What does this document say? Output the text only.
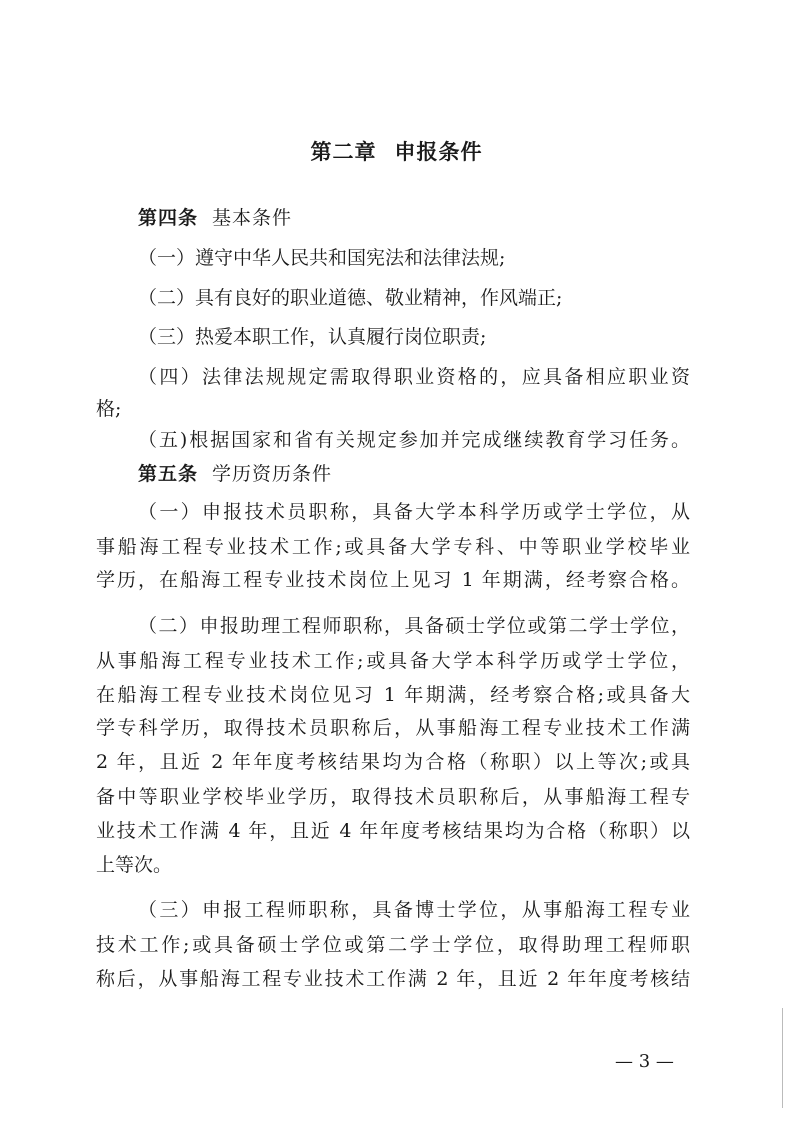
第二章 申报条件
第四条 基本条件
（一）遵守中华人民共和国宪法和法律法规;
（二）具有良好的职业道德、敬业精神，作风端正;
（三）热爱本职工作，认真履行岗位职责;
（四）法律法规规定需取得职业资格的，应具备相应职业资
格;
（五)根据国家和省有关规定参加并完成继续教育学习任务。
第五条 学历资历条件
（一）申报技术员职称，具备大学本科学历或学士学位，从
事船海工程专业技术工作;或具备大学专科、中等职业学校毕业
学历，在船海工程专业技术岗位上见习 1 年期满，经考察合格。
（二）申报助理工程师职称，具备硕士学位或第二学士学位，
从事船海工程专业技术工作;或具备大学本科学历或学士学位，
在船海工程专业技术岗位见习 1 年期满，经考察合格;或具备大
学专科学历，取得技术员职称后，从事船海工程专业技术工作满
2 年，且近 2 年年度考核结果均为合格（称职）以上等次;或具
备中等职业学校毕业学历，取得技术员职称后，从事船海工程专
业技术工作满 4 年，且近 4 年年度考核结果均为合格（称职）以
上等次。
（三）申报工程师职称，具备博士学位，从事船海工程专业
技术工作;或具备硕士学位或第二学士学位，取得助理工程师职
称后，从事船海工程专业技术工作满 2 年，且近 2 年年度考核结
— 3 —
